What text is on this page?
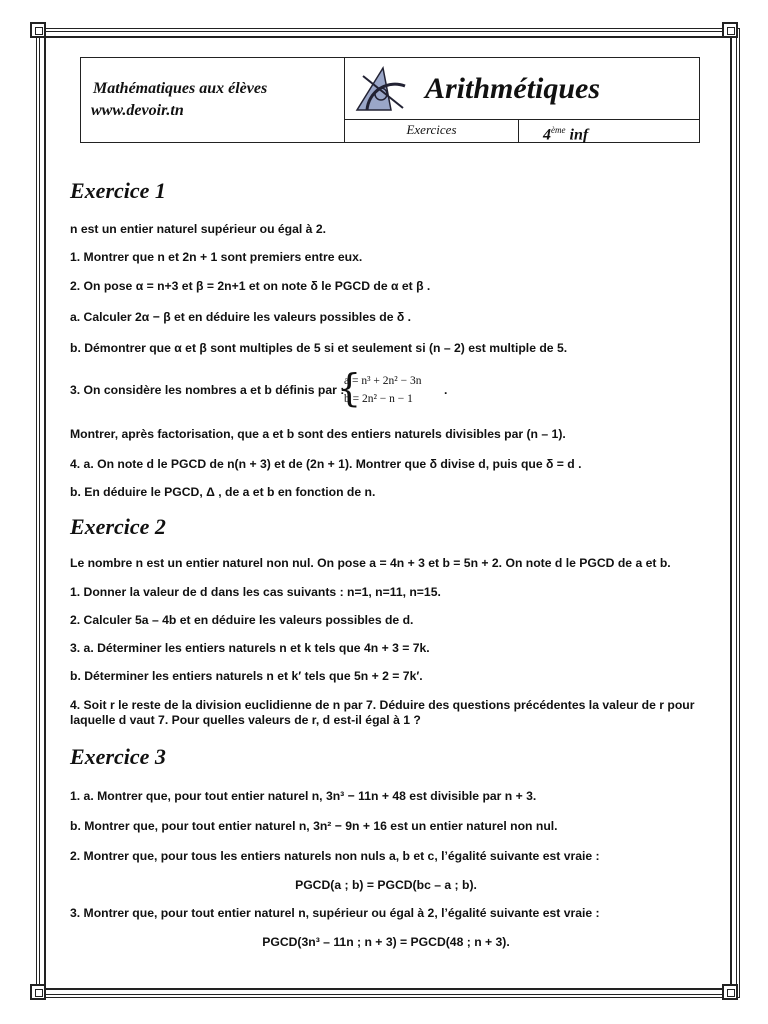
Mathématiques aux élèves
www.devoir.tn
Arithmétiques
Exercices	4ème inf
Exercice 1
n est un entier naturel supérieur ou égal à 2.
1. Montrer que n et 2n + 1 sont premiers entre eux.
2. On pose α = n+3 et β = 2n+1 et on note δ le PGCD de α et β .
a. Calculer 2α − β et en déduire les valeurs possibles de δ .
b. Démontrer que α et β sont multiples de 5 si et seulement si (n – 2) est multiple de 5.
3. On considère les nombres a et b définis par :
{
a = n³ + 2n² − 3n
b = 2n² − n − 1
.
Montrer, après factorisation, que a et b sont des entiers naturels divisibles par (n – 1).
4. a. On note d le PGCD de n(n + 3) et de (2n + 1). Montrer que δ divise d, puis que δ = d .
b. En déduire le PGCD, Δ , de a et b en fonction de n.
Exercice 2
Le nombre n est un entier naturel non nul. On pose a = 4n + 3 et b = 5n + 2. On note d le PGCD de a et b.
1. Donner la valeur de d dans les cas suivants : n=1, n=11, n=15.
2. Calculer 5a – 4b et en déduire les valeurs possibles de d.
3. a. Déterminer les entiers naturels n et k tels que 4n + 3 = 7k.
b. Déterminer les entiers naturels n et k′ tels que 5n + 2 = 7k′.
4. Soit r le reste de la division euclidienne de n par 7. Déduire des questions précédentes la valeur de r pour laquelle d vaut 7. Pour quelles valeurs de r, d est-il égal à 1 ?
Exercice 3
1. a. Montrer que, pour tout entier naturel n, 3n³ − 11n + 48 est divisible par n + 3.
b. Montrer que, pour tout entier naturel n, 3n² − 9n + 16 est un entier naturel non nul.
2. Montrer que, pour tous les entiers naturels non nuls a, b et c, l’égalité suivante est vraie :
PGCD(a ; b) = PGCD(bc – a ; b).
3. Montrer que, pour tout entier naturel n, supérieur ou égal à 2, l’égalité suivante est vraie :
PGCD(3n³ – 11n ; n + 3) = PGCD(48 ; n + 3).
